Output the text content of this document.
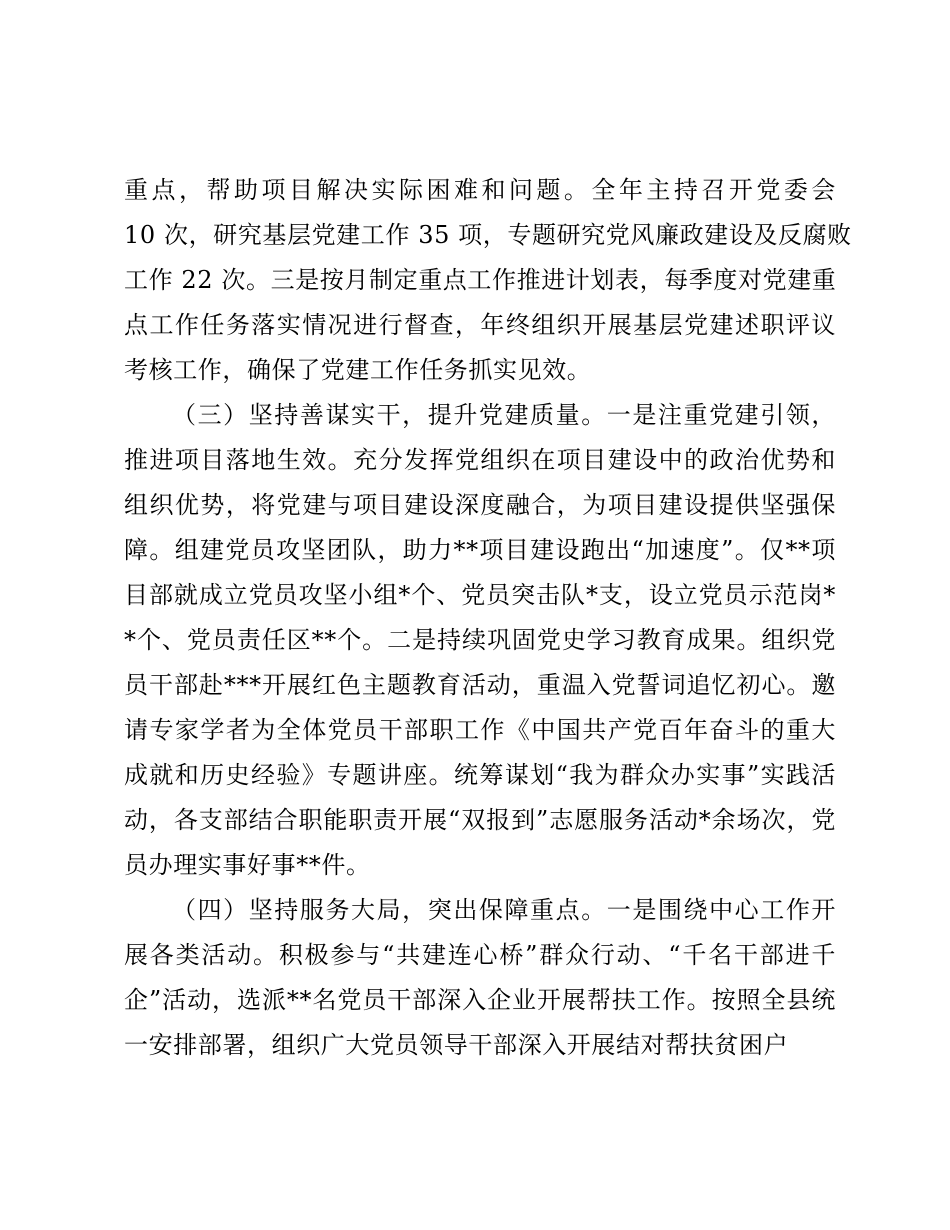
重点，帮助项目解决实际困难和问题。全年主持召开党委会
10 次，研究基层党建工作 35 项，专题研究党风廉政建设及反腐败
工作 22 次。三是按月制定重点工作推进计划表，每季度对党建重
点工作任务落实情况进行督查，年终组织开展基层党建述职评议
考核工作，确保了党建工作任务抓实见效。
（三）坚持善谋实干，提升党建质量。一是注重党建引领，
推进项目落地生效。充分发挥党组织在项目建设中的政治优势和
组织优势，将党建与项目建设深度融合，为项目建设提供坚强保
障。组建党员攻坚团队，助力**项目建设跑出“加速度”。仅**项
目部就成立党员攻坚小组*个、党员突击队*支，设立党员示范岗*
*个、党员责任区**个。二是持续巩固党史学习教育成果。组织党
员干部赴***开展红色主题教育活动，重温入党誓词追忆初心。邀
请专家学者为全体党员干部职工作《中国共产党百年奋斗的重大
成就和历史经验》专题讲座。统筹谋划“我为群众办实事”实践活
动，各支部结合职能职责开展“双报到”志愿服务活动*余场次，党
员办理实事好事**件。
（四）坚持服务大局，突出保障重点。一是围绕中心工作开
展各类活动。积极参与“共建连心桥”群众行动、“千名干部进千
企”活动，选派**名党员干部深入企业开展帮扶工作。按照全县统
一安排部署，组织广大党员领导干部深入开展结对帮扶贫困户
